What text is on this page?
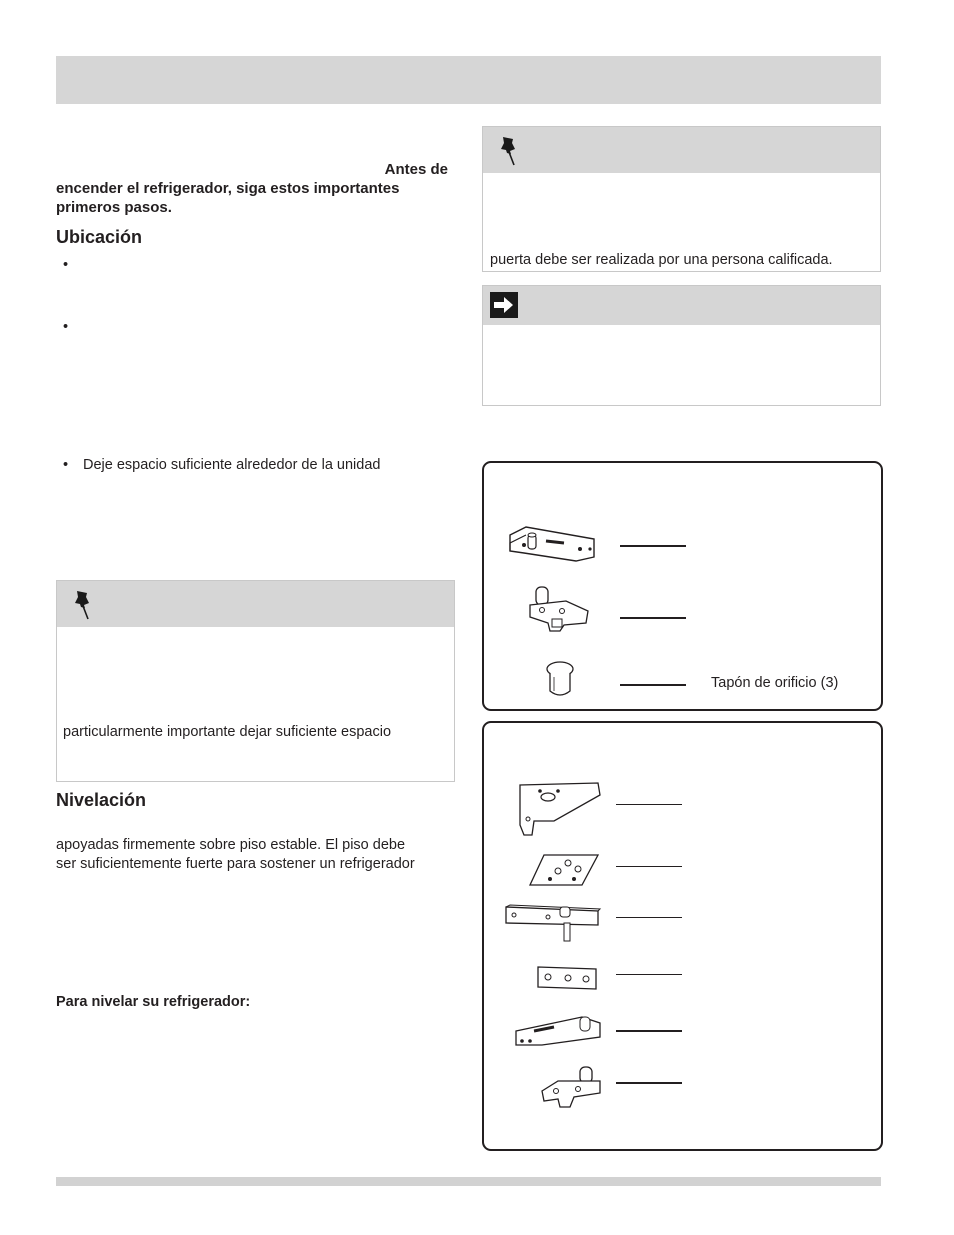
Antes de
encender el refrigerador, siga estos importantes
primeros pasos.
Ubicación
•
•
• Deje espacio suficiente alrededor de la unidad
puerta debe ser realizada por una persona calificada.
particularmente importante dejar suficiente espacio
Nivelación
apoyadas firmemente sobre piso estable. El piso debe
ser suficientemente fuerte para sostener un refrigerador
Para nivelar su refrigerador:
Tapón de orificio (3)
